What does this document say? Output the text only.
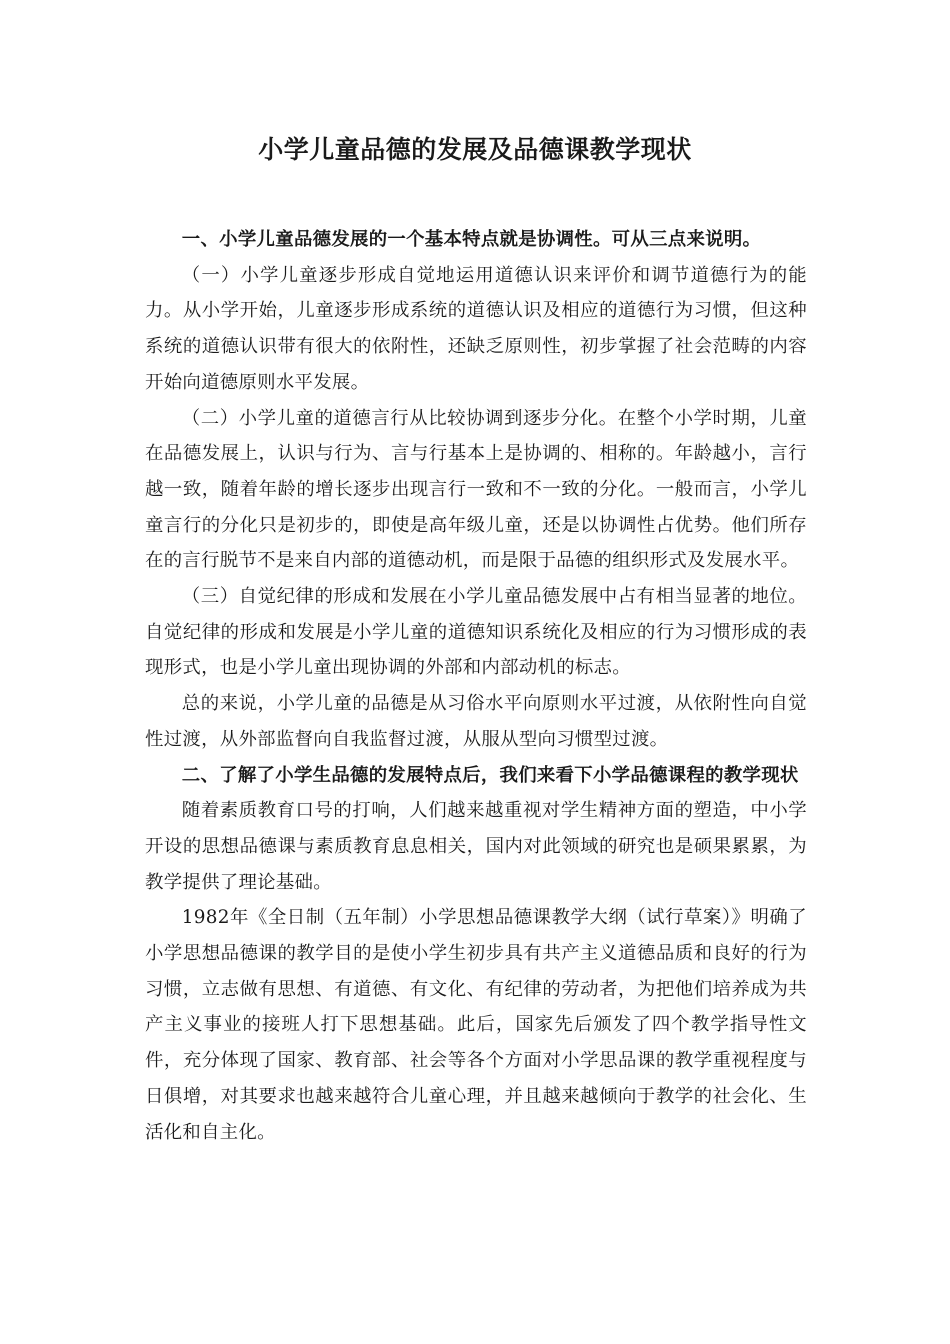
小学儿童品德的发展及品德课教学现状

一、小学儿童品德发展的一个基本特点就是协调性。可从三点来说明。

（一）小学儿童逐步形成自觉地运用道德认识来评价和调节道德行为的能力。从小学开始，儿童逐步形成系统的道德认识及相应的道德行为习惯，但这种系统的道德认识带有很大的依附性，还缺乏原则性，初步掌握了社会范畴的内容开始向道德原则水平发展。

（二）小学儿童的道德言行从比较协调到逐步分化。在整个小学时期，儿童在品德发展上，认识与行为、言与行基本上是协调的、相称的。年龄越小，言行越一致，随着年龄的增长逐步出现言行一致和不一致的分化。一般而言，小学儿童言行的分化只是初步的，即使是高年级儿童，还是以协调性占优势。他们所存在的言行脱节不是来自内部的道德动机，而是限于品德的组织形式及发展水平。

（三）自觉纪律的形成和发展在小学儿童品德发展中占有相当显著的地位。自觉纪律的形成和发展是小学儿童的道德知识系统化及相应的行为习惯形成的表现形式，也是小学儿童出现协调的外部和内部动机的标志。

总的来说，小学儿童的品德是从习俗水平向原则水平过渡，从依附性向自觉性过渡，从外部监督向自我监督过渡，从服从型向习惯型过渡。

二、了解了小学生品德的发展特点后，我们来看下小学品德课程的教学现状

随着素质教育口号的打响，人们越来越重视对学生精神方面的塑造，中小学开设的思想品德课与素质教育息息相关，国内对此领域的研究也是硕果累累，为教学提供了理论基础。

1982年《全日制（五年制）小学思想品德课教学大纲（试行草案）》明确了小学思想品德课的教学目的是使小学生初步具有共产主义道德品质和良好的行为习惯，立志做有思想、有道德、有文化、有纪律的劳动者，为把他们培养成为共产主义事业的接班人打下思想基础。此后，国家先后颁发了四个教学指导性文件，充分体现了国家、教育部、社会等各个方面对小学思品课的教学重视程度与日俱增，对其要求也越来越符合儿童心理，并且越来越倾向于教学的社会化、生活化和自主化。
